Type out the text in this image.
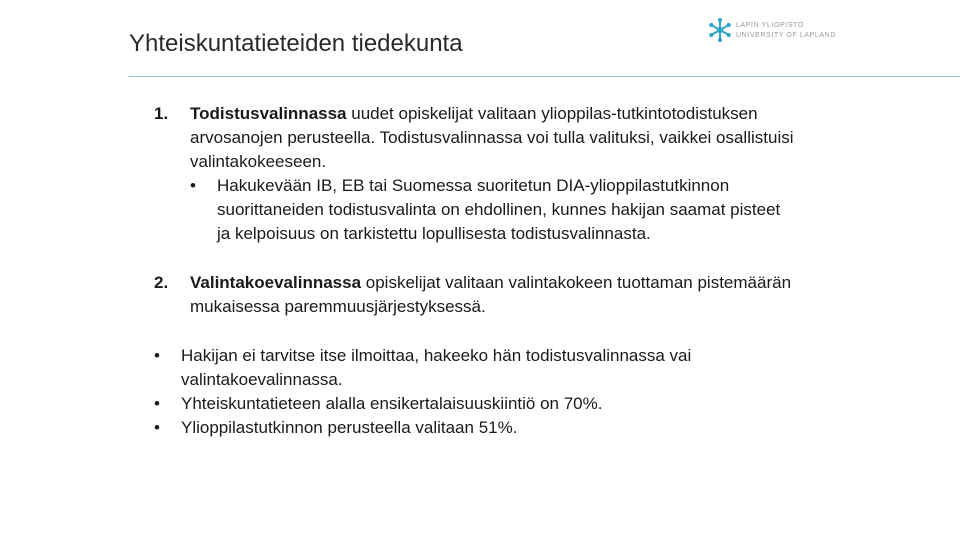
Yhteiskuntatieteiden tiedekunta
LAPIN YLIOPISTO
UNIVERSITY OF LAPLAND
1. Todistusvalinnassa uudet opiskelijat valitaan ylioppilas-tutkintotodistuksen arvosanojen perusteella. Todistusvalinnassa voi tulla valituksi, vaikkei osallistuisi valintakokeeseen.
• Hakukevään IB, EB tai Suomessa suoritetun DIA-ylioppilastutkinnon suorittaneiden todistusvalinta on ehdollinen, kunnes hakijan saamat pisteet ja kelpoisuus on tarkistettu lopullisesta todistusvalinnasta.
2. Valintakoevalinnassa opiskelijat valitaan valintakokeen tuottaman pistemäärän mukaisessa paremmuusjärjestyksessä.
• Hakijan ei tarvitse itse ilmoittaa, hakeeko hän todistusvalinnassa vai valintakoevalinnassa.
• Yhteiskuntatieteen alalla ensikertalaisuuskiintiö on 70%.
• Ylioppilastutkinnon perusteella valitaan 51%.
